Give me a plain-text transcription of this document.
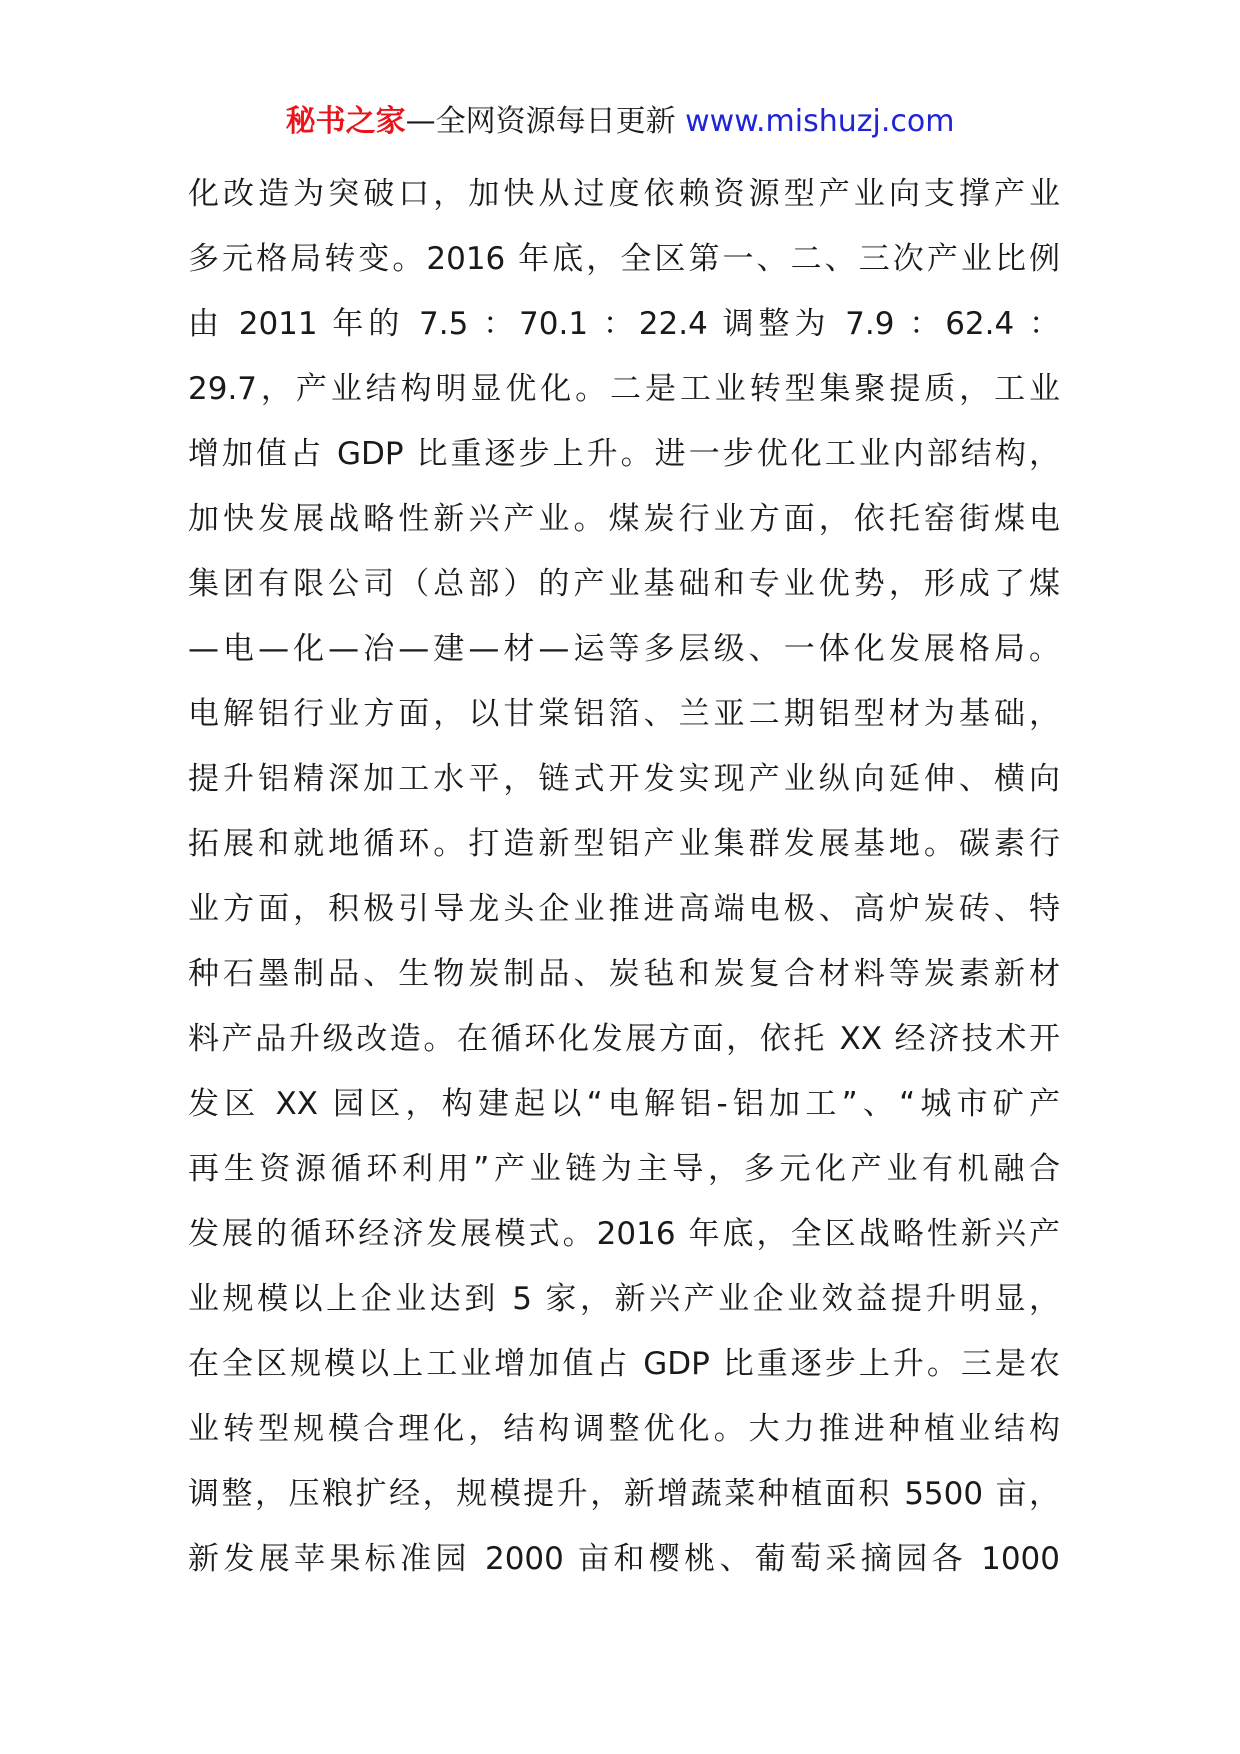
秘书之家—全网资源每日更新 www.mishuzj.com
化改造为突破口，加快从过度依赖资源型产业向支撑产业
多元格局转变。2016 年底，全区第一、二、三次产业比例
由 2011 年的 7.5 ：70.1 ：22.4 调整为 7.9 ：62.4 ：
29.7，产业结构明显优化。二是工业转型集聚提质，工业
增加值占 GDP 比重逐步上升。进一步优化工业内部结构，
加快发展战略性新兴产业。煤炭行业方面，依托窑街煤电
集团有限公司（总部）的产业基础和专业优势，形成了煤
—电—化—冶—建—材—运等多层级、一体化发展格局。
电解铝行业方面，以甘棠铝箔、兰亚二期铝型材为基础，
提升铝精深加工水平，链式开发实现产业纵向延伸、横向
拓展和就地循环。打造新型铝产业集群发展基地。碳素行
业方面，积极引导龙头企业推进高端电极、高炉炭砖、特
种石墨制品、生物炭制品、炭毡和炭复合材料等炭素新材
料产品升级改造。在循环化发展方面，依托 XX 经济技术开
发区 XX 园区，构建起以“电解铝-铝加工”、“城市矿产
再生资源循环利用”产业链为主导，多元化产业有机融合
发展的循环经济发展模式。2016 年底，全区战略性新兴产
业规模以上企业达到 5 家，新兴产业企业效益提升明显，
在全区规模以上工业增加值占 GDP 比重逐步上升。三是农
业转型规模合理化，结构调整优化。大力推进种植业结构
调整，压粮扩经，规模提升，新增蔬菜种植面积 5500 亩，
新发展苹果标准园 2000 亩和樱桃、葡萄采摘园各 1000
